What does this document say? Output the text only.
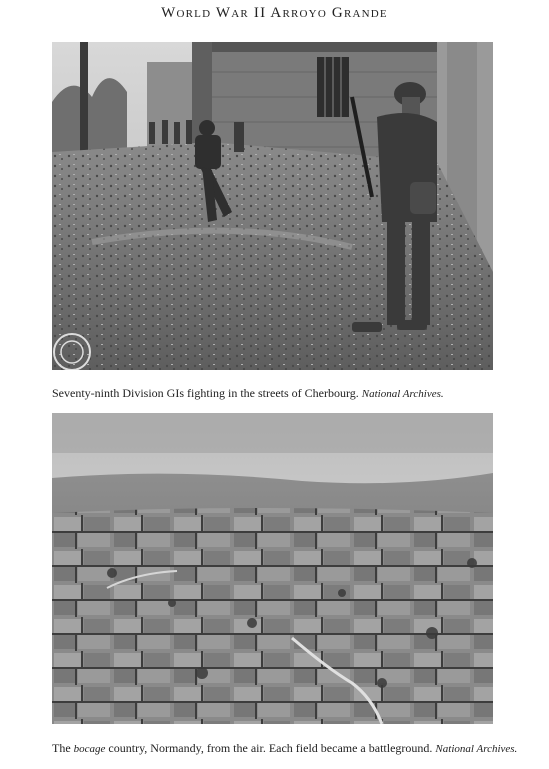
World War II Arroyo Grande
Seventy-ninth Division GIs fighting in the streets of Cherbourg. National Archives.
The bocage country, Normandy, from the air. Each field became a battleground. National Archives.
